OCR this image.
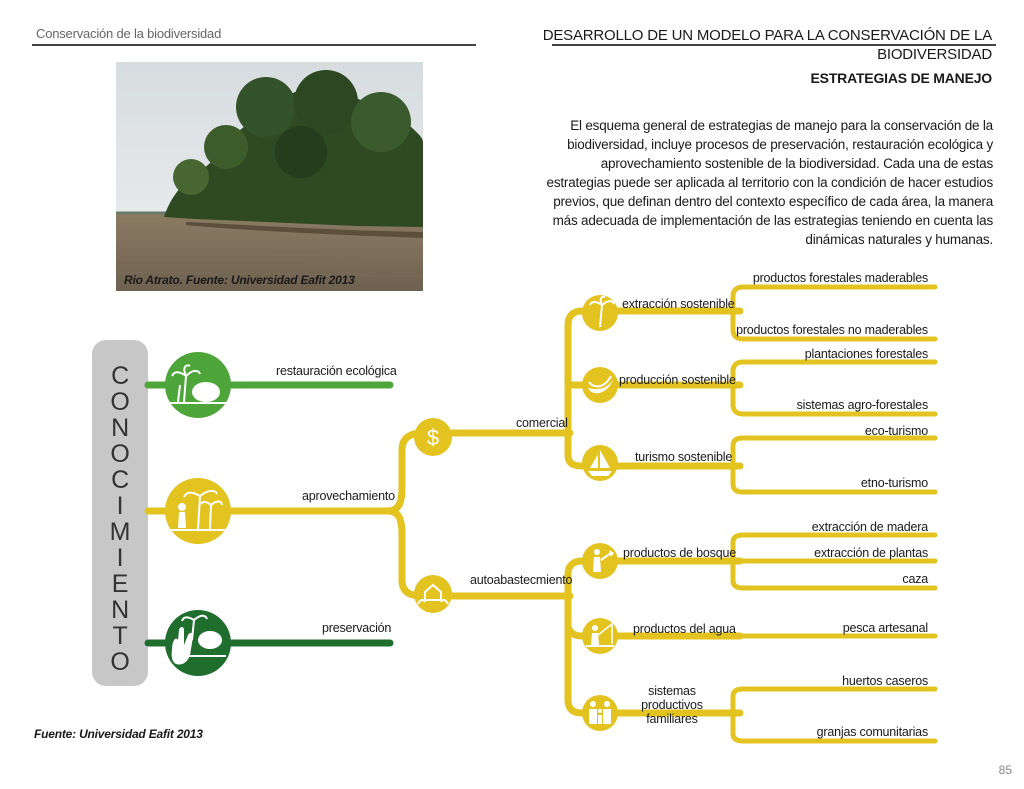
Conservación de la biodiversidad	DESARROLLO DE UN MODELO PARA LA CONSERVACIÓN DE LA BIODIVERSIDAD
ESTRATEGIAS DE MANEJO
El esquema general de estrategias de manejo para la conservación de la biodiversidad, incluye procesos de preservación, restauración ecológica y aprovechamiento sostenible de la biodiversidad. Cada una de estas estrategias puede ser aplicada al territorio con la condición de hacer estudios previos, que definan dentro del contexto específico de cada área, la manera más adecuada de implementación de las estrategias teniendo en cuenta las dinámicas naturales y humanas.
Rio Atrato. Fuente: Universidad Eafit 2013
C
O
N
O
C
I
M
I
E
N
T
O
$
restauración ecológica
aprovechamiento
preservación
comercial
autoabastecmiento
extracción sostenible
producción sostenible
turismo sostenible
productos de bosque
productos del agua
sistemas productivos familiares
productos forestales maderables
productos forestales no maderables
plantaciones forestales
sistemas agro-forestales
eco-turismo
etno-turismo
extracción de madera
extracción de plantas
caza
pesca artesanal
huertos caseros
granjas comunitarias
Fuente: Universidad Eafit 2013
85
